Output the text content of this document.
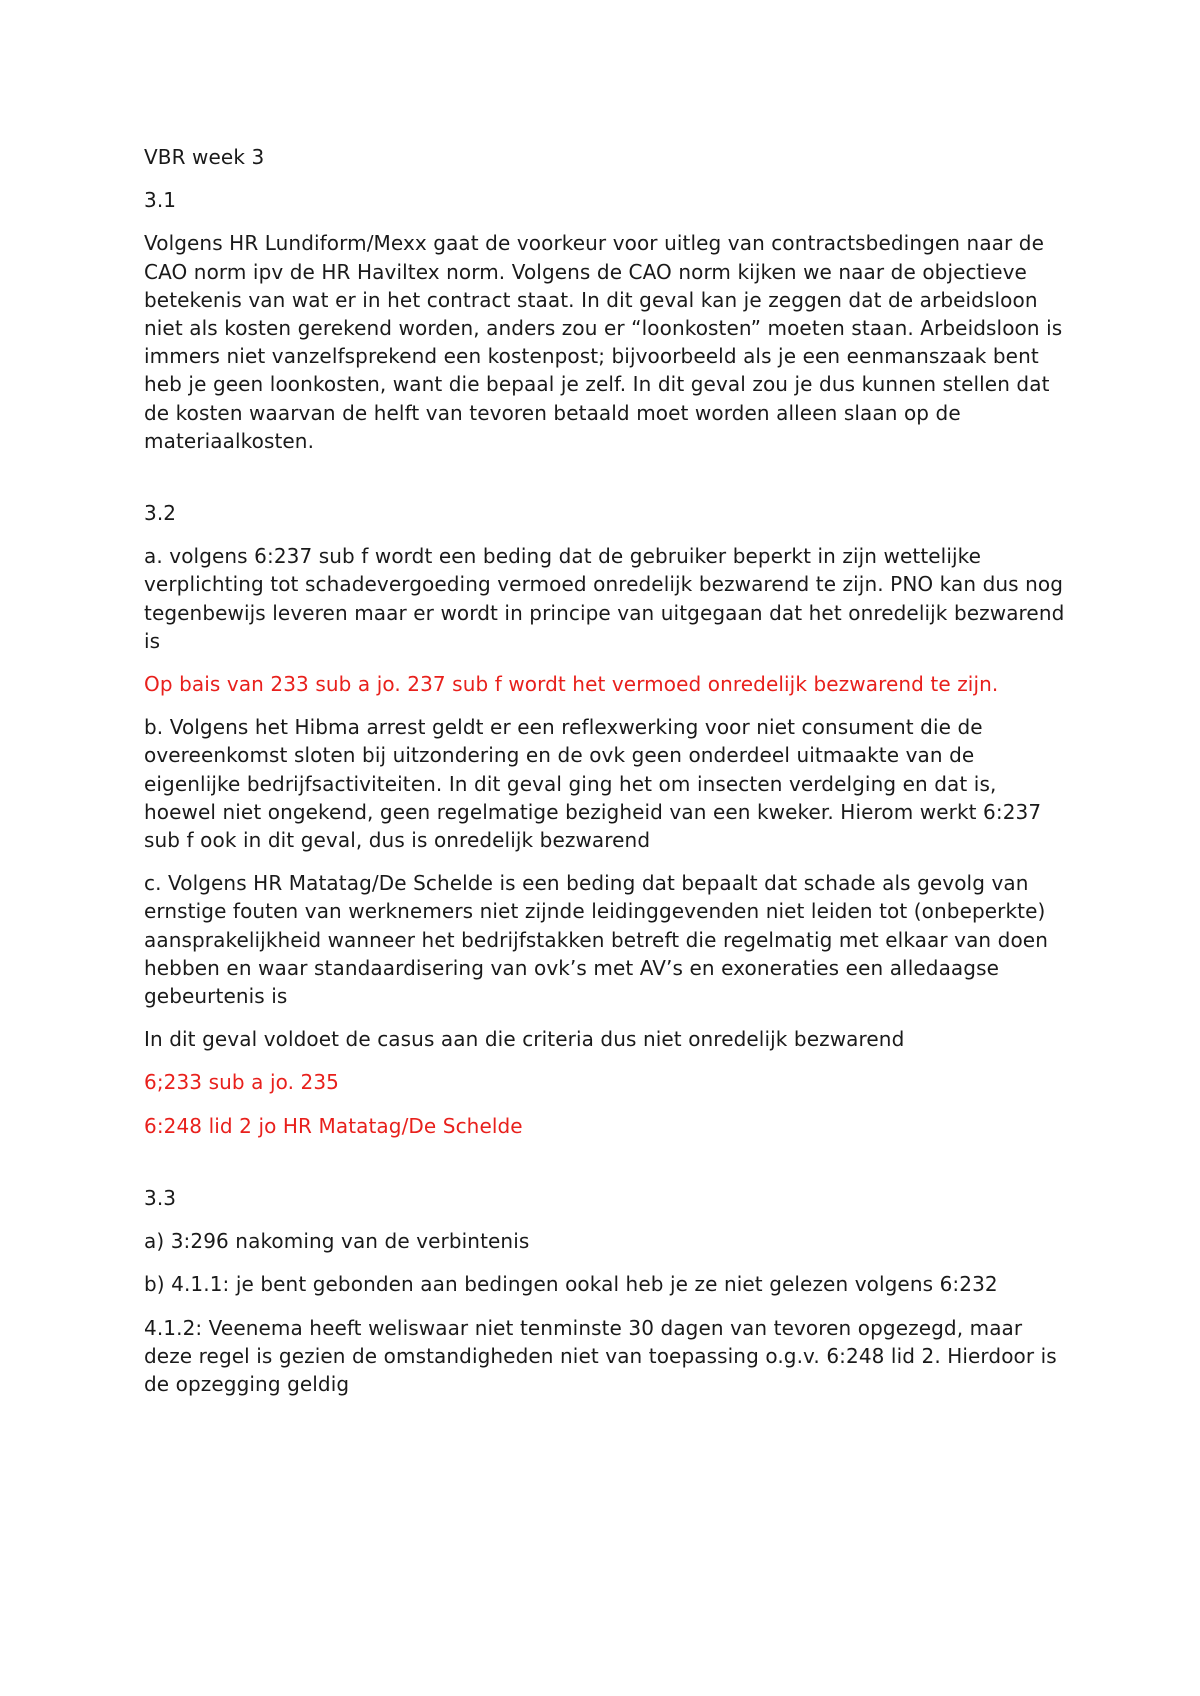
VBR week 3

3.1

Volgens HR Lundiform/Mexx gaat de voorkeur voor uitleg van contractsbedingen naar de CAO norm ipv de HR Haviltex norm. Volgens de CAO norm kijken we naar de objectieve betekenis van wat er in het contract staat. In dit geval kan je zeggen dat de arbeidsloon niet als kosten gerekend worden, anders zou er “loonkosten” moeten staan. Arbeidsloon is immers niet vanzelfsprekend een kostenpost; bijvoorbeeld als je een eenmanszaak bent heb je geen loonkosten, want die bepaal je zelf. In dit geval zou je dus kunnen stellen dat de kosten waarvan de helft van tevoren betaald moet worden alleen slaan op de materiaalkosten.

3.2

a. volgens 6:237 sub f wordt een beding dat de gebruiker beperkt in zijn wettelijke verplichting tot schadevergoeding vermoed onredelijk bezwarend te zijn. PNO kan dus nog tegenbewijs leveren maar er wordt in principe van uitgegaan dat het onredelijk bezwarend is

Op bais van 233 sub a jo. 237 sub f wordt het vermoed onredelijk bezwarend te zijn.

b. Volgens het Hibma arrest geldt er een reflexwerking voor niet consument die de overeenkomst sloten bij uitzondering en de ovk geen onderdeel uitmaakte van de eigenlijke bedrijfsactiviteiten. In dit geval ging het om insecten verdelging en dat is, hoewel niet ongekend, geen regelmatige bezigheid van een kweker. Hierom werkt 6:237 sub f ook in dit geval, dus is onredelijk bezwarend

c. Volgens HR Matatag/De Schelde is een beding dat bepaalt dat schade als gevolg van ernstige fouten van werknemers niet zijnde leidinggevenden niet leiden tot (onbeperkte) aansprakelijkheid wanneer het bedrijfstakken betreft die regelmatig met elkaar van doen hebben en waar standaardisering van ovk’s met AV’s en exoneraties een alledaagse gebeurtenis is

In dit geval voldoet de casus aan die criteria dus niet onredelijk bezwarend

6;233 sub a jo. 235

6:248 lid 2 jo HR Matatag/De Schelde

3.3

a) 3:296 nakoming van de verbintenis

b) 4.1.1: je bent gebonden aan bedingen ookal heb je ze niet gelezen volgens 6:232

4.1.2: Veenema heeft weliswaar niet tenminste 30 dagen van tevoren opgezegd, maar deze regel is gezien de omstandigheden niet van toepassing o.g.v. 6:248 lid 2. Hierdoor is de opzegging geldig
